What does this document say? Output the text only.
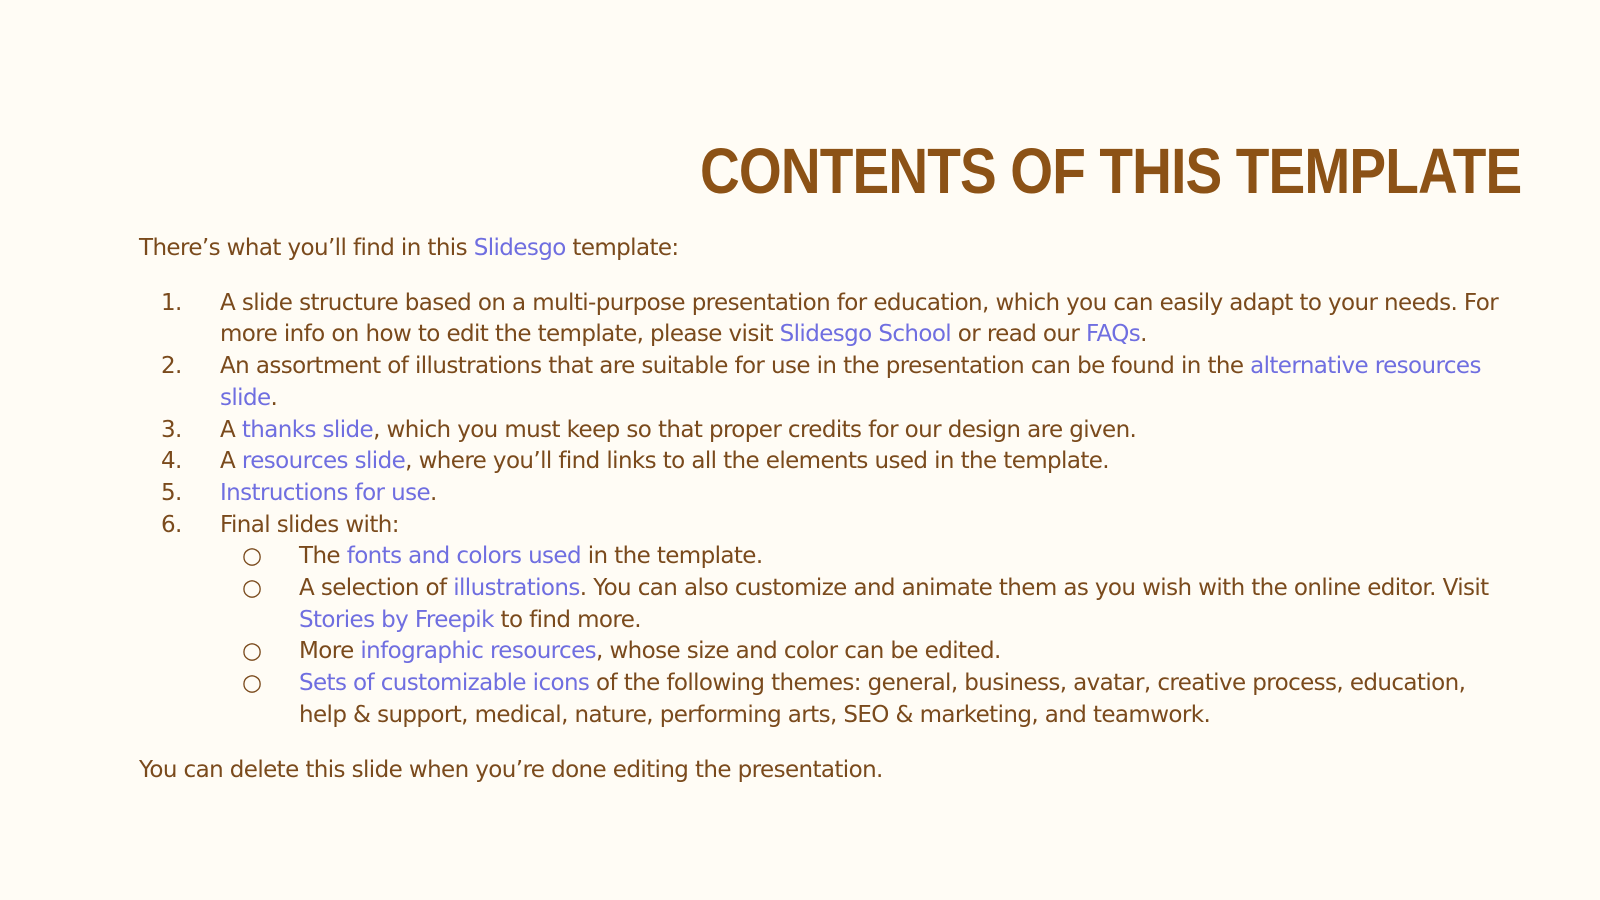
CONTENTS OF THIS TEMPLATE

There’s what you’ll find in this Slidesgo template:

1. A slide structure based on a multi-purpose presentation for education, which you can easily adapt to your needs. For more info on how to edit the template, please visit Slidesgo School or read our FAQs.
2. An assortment of illustrations that are suitable for use in the presentation can be found in the alternative resources slide.
3. A thanks slide, which you must keep so that proper credits for our design are given.
4. A resources slide, where you’ll find links to all the elements used in the template.
5. Instructions for use.
6. Final slides with:
○ The fonts and colors used in the template.
○ A selection of illustrations. You can also customize and animate them as you wish with the online editor. Visit Stories by Freepik to find more.
○ More infographic resources, whose size and color can be edited.
○ Sets of customizable icons of the following themes: general, business, avatar, creative process, education, help & support, medical, nature, performing arts, SEO & marketing, and teamwork.

You can delete this slide when you’re done editing the presentation.
